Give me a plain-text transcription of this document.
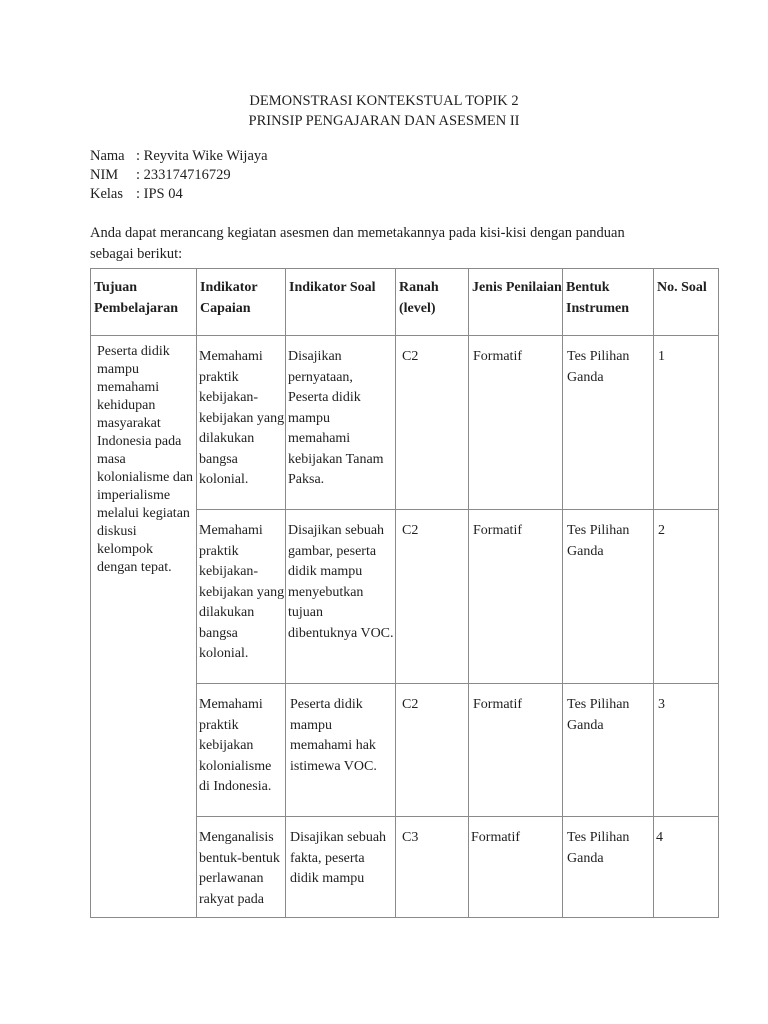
DEMONSTRASI KONTEKSTUAL TOPIK 2
PRINSIP PENGAJARAN DAN ASESMEN II
Nama : Reyvita Wike Wijaya
NIM : 233174716729
Kelas : IPS 04
Anda dapat merancang kegiatan asesmen dan memetakannya pada kisi-kisi dengan panduan sebagai berikut:
Tujuan Pembelajaran	Indikator Capaian	Indikator Soal	Ranah (level)	Jenis Penilaian	Bentuk Instrumen	No. Soal

Peserta didik mampu memahami kehidupan masyarakat Indonesia pada masa kolonialisme dan imperialisme melalui kegiatan diskusi kelompok dengan tepat.	Memahami praktik kebijakan-kebijakan yang dilakukan bangsa kolonial.	Disajikan pernyataan, Peserta didik mampu memahami kebijakan Tanam Paksa.	C2	Formatif	Tes Pilihan Ganda	1

	Memahami praktik kebijakan-kebijakan yang dilakukan bangsa kolonial.	Disajikan sebuah gambar, peserta didik mampu menyebutkan tujuan dibentuknya VOC.	C2	Formatif	Tes Pilihan Ganda	2

	Memahami praktik kebijakan kolonialisme di Indonesia.	Peserta didik mampu memahami hak istimewa VOC.	C2	Formatif	Tes Pilihan Ganda	3

	Menganalisis bentuk-bentuk perlawanan rakyat pada	Disajikan sebuah fakta, peserta didik mampu	C3	Formatif	Tes Pilihan Ganda	4
